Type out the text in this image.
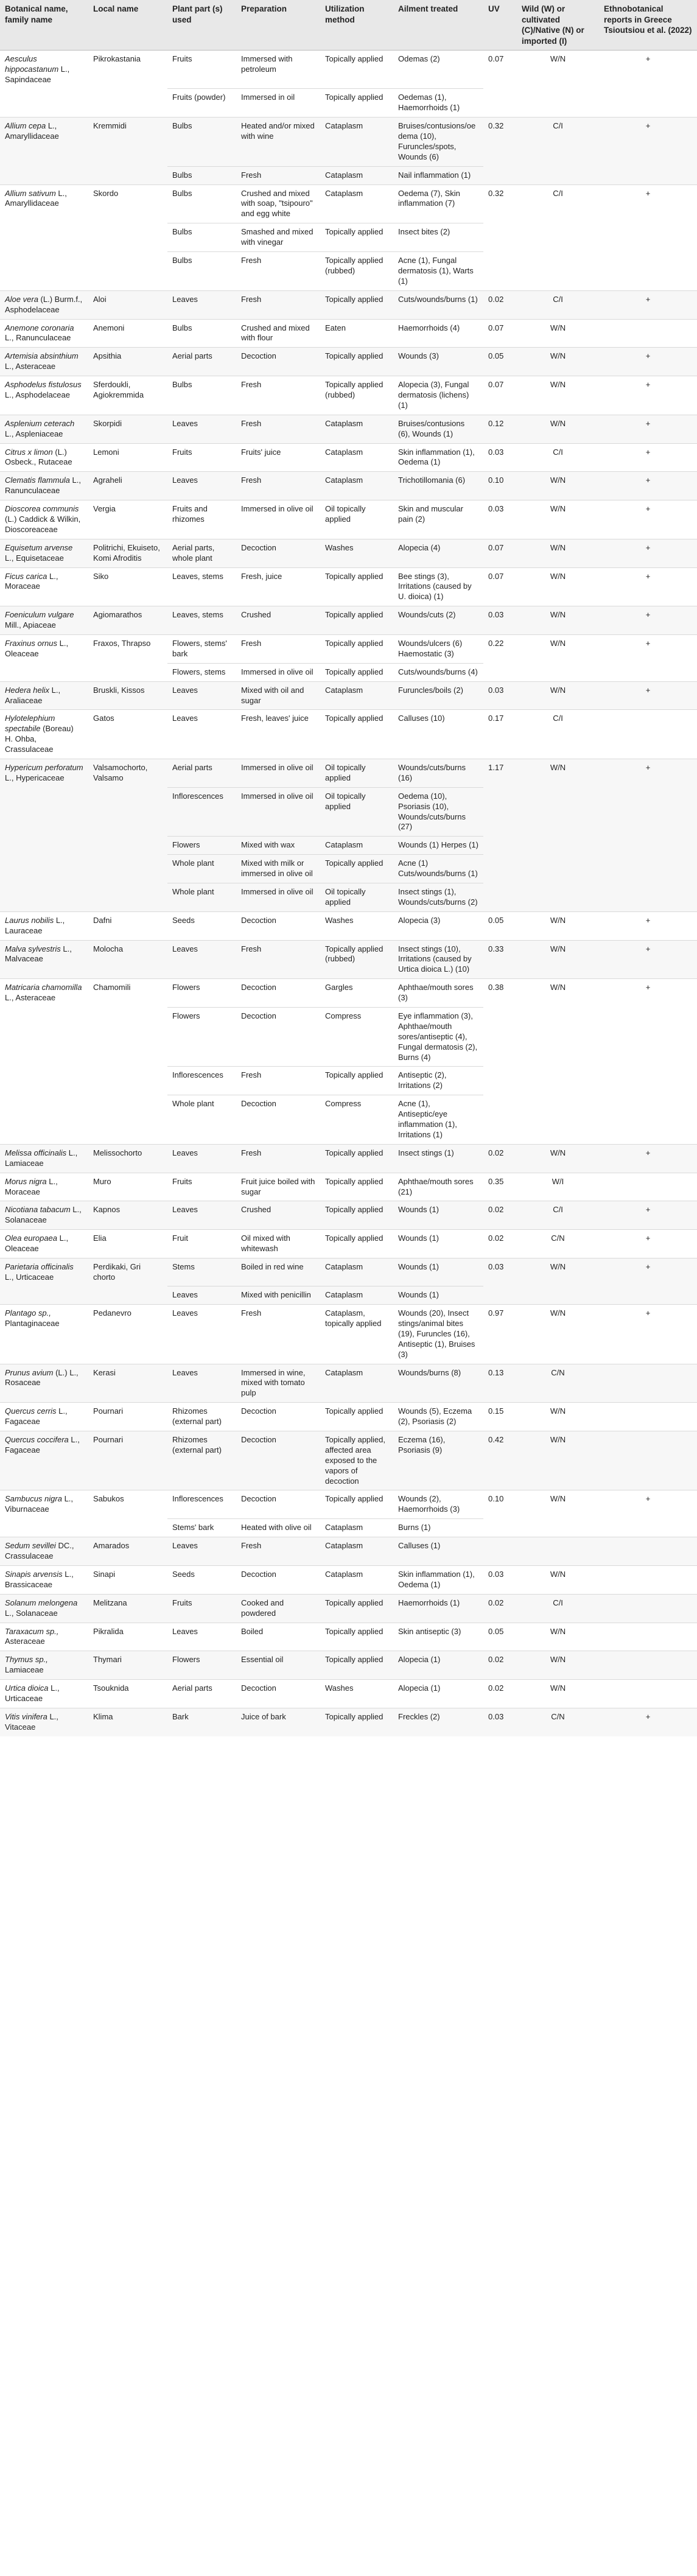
Botanical name, family name	Local name	Plant part (s) used	Preparation	Utilization method	Ailment treated	UV	Wild (W) or cultivated (C)/Native (N) or imported (I)	Ethnobotanical reports in Greece Tsioutsiou et al. (2022)
Aesculus hippocastanum L., Sapindaceae	Pikrokastania	Fruits	Immersed with petroleum	Topically applied	Odemas (2)	0.07	W/N	+
		Fruits (powder)	Immersed in oil	Topically applied	Oedemas (1), Haemorrhoids (1)			
Allium cepa L., Amaryllidaceae	Kremmidi	Bulbs	Heated and/or mixed with wine	Cataplasm	Bruises/contusions/oedema (10), Furuncles/spots, Wounds (6)	0.32	C/I	+
		Bulbs	Fresh	Cataplasm	Nail inflammation (1)			
Allium sativum L., Amaryllidaceae	Skordo	Bulbs	Crushed and mixed with soap, "tsipouro" and egg white	Cataplasm	Oedema (7), Skin inflammation (7)	0.32	C/I	+
		Bulbs	Smashed and mixed with vinegar	Topically applied	Insect bites (2)			
		Bulbs	Fresh	Topically applied (rubbed)	Acne (1), Fungal dermatosis (1), Warts (1)			
Aloe vera (L.) Burm.f., Asphodelaceae	Aloi	Leaves	Fresh	Topically applied	Cuts/wounds/burns (1)	0.02	C/I	+
Anemone coronaria L., Ranunculaceae	Anemoni	Bulbs	Crushed and mixed with flour	Eaten	Haemorrhoids (4)	0.07	W/N	
Artemisia absinthium L., Asteraceae	Apsithia	Aerial parts	Decoction	Topically applied	Wounds (3)	0.05	W/N	+
Asphodelus fistulosus L., Asphodelaceae	Sferdoukli, Agiokremmida	Bulbs	Fresh	Topically applied (rubbed)	Alopecia (3), Fungal dermatosis (lichens) (1)	0.07	W/N	+
Asplenium ceterach L., Aspleniaceae	Skorpidi	Leaves	Fresh	Cataplasm	Bruises/contusions (6), Wounds (1)	0.12	W/N	+
Citrus x limon (L.) Osbeck., Rutaceae	Lemoni	Fruits	Fruits' juice	Cataplasm	Skin inflammation (1), Oedema (1)	0.03	C/I	+
Clematis flammula L., Ranunculaceae	Agraheli	Leaves	Fresh	Cataplasm	Trichotillomania (6)	0.10	W/N	+
Dioscorea communis (L.) Caddick & Wilkin, Dioscoreaceae	Vergia	Fruits and rhizomes	Immersed in olive oil	Oil topically applied	Skin and muscular pain (2)	0.03	W/N	+
Equisetum arvense L., Equisetaceae	Politrichi, Ekuiseto, Komi Afroditis	Aerial parts, whole plant	Decoction	Washes	Alopecia (4)	0.07	W/N	+
Ficus carica L., Moraceae	Siko	Leaves, stems	Fresh, juice	Topically applied	Bee stings (3), Irritations (caused by U. dioica) (1)	0.07	W/N	+
Foeniculum vulgare Mill., Apiaceae	Agiomarathos	Leaves, stems	Crushed	Topically applied	Wounds/cuts (2)	0.03	W/N	+
Fraxinus ornus L., Oleaceae	Fraxos, Thrapso	Flowers, stems' bark	Fresh	Topically applied	Wounds/ulcers (6) Haemostatic (3)	0.22	W/N	+
		Flowers, stems	Immersed in olive oil	Topically applied	Cuts/wounds/burns (4)			
Hedera helix L., Araliaceae	Bruskli, Kissos	Leaves	Mixed with oil and sugar	Cataplasm	Furuncles/boils (2)	0.03	W/N	+
Hylotelephium spectabile (Boreau) H. Ohba, Crassulaceae	Gatos	Leaves	Fresh, leaves' juice	Topically applied	Calluses (10)	0.17	C/I	
Hypericum perforatum L., Hypericaceae	Valsamochorto, Valsamo	Aerial parts	Immersed in olive oil	Oil topically applied	Wounds/cuts/burns (16)	1.17	W/N	+
		Inflorescences	Immersed in olive oil	Oil topically applied	Oedema (10), Psoriasis (10), Wounds/cuts/burns (27)			
		Flowers	Mixed with wax	Cataplasm	Wounds (1) Herpes (1)			
		Whole plant	Mixed with milk or immersed in olive oil	Topically applied	Acne (1) Cuts/wounds/burns (1)			
		Whole plant	Immersed in olive oil	Oil topically applied	Insect stings (1), Wounds/cuts/burns (2)			
Laurus nobilis L., Lauraceae	Dafni	Seeds	Decoction	Washes	Alopecia (3)	0.05	W/N	+
Malva sylvestris L., Malvaceae	Molocha	Leaves	Fresh	Topically applied (rubbed)	Insect stings (10), Irritations (caused by Urtica dioica L.) (10)	0.33	W/N	+
Matricaria chamomilla L., Asteraceae	Chamomili	Flowers	Decoction	Gargles	Aphthae/mouth sores (3)	0.38	W/N	+
		Flowers	Decoction	Compress	Eye inflammation (3), Aphthae/mouth sores/antiseptic (4), Fungal dermatosis (2), Burns (4)			
		Inflorescences	Fresh	Topically applied	Antiseptic (2), Irritations (2)			
		Whole plant	Decoction	Compress	Acne (1), Antiseptic/eye inflammation (1), Irritations (1)			
Melissa officinalis L., Lamiaceae	Melissochorto	Leaves	Fresh	Topically applied	Insect stings (1)	0.02	W/N	+
Morus nigra L., Moraceae	Muro	Fruits	Fruit juice boiled with sugar	Topically applied	Aphthae/mouth sores (21)	0.35	W/I	
Nicotiana tabacum L., Solanaceae	Kapnos	Leaves	Crushed	Topically applied	Wounds (1)	0.02	C/I	+
Olea europaea L., Oleaceae	Elia	Fruit	Oil mixed with whitewash	Topically applied	Wounds (1)	0.02	C/N	+
Parietaria officinalis L., Urticaceae	Perdikaki, Gri chorto	Stems	Boiled in red wine	Cataplasm	Wounds (1)	0.03	W/N	+
		Leaves	Mixed with penicillin	Cataplasm	Wounds (1)			
Plantago sp., Plantaginaceae	Pedanevro	Leaves	Fresh	Cataplasm, topically applied	Wounds (20), Insect stings/animal bites (19), Furuncles (16), Antiseptic (1), Bruises (3)	0.97	W/N	+
Prunus avium (L.) L., Rosaceae	Kerasi	Leaves	Immersed in wine, mixed with tomato pulp	Cataplasm	Wounds/burns (8)	0.13	C/N	
Quercus cerris L., Fagaceae	Pournari	Rhizomes (external part)	Decoction	Topically applied	Wounds (5), Eczema (2), Psoriasis (2)	0.15	W/N	
Quercus coccifera L., Fagaceae	Pournari	Rhizomes (external part)	Decoction	Topically applied, affected area exposed to the vapors of decoction	Eczema (16), Psoriasis (9)	0.42	W/N	
Sambucus nigra L., Viburnaceae	Sabukos	Inflorescences	Decoction	Topically applied	Wounds (2), Haemorrhoids (3)	0.10	W/N	+
		Stems' bark	Heated with olive oil	Cataplasm	Burns (1)			
Sedum sevillei DC., Crassulaceae	Amarados	Leaves	Fresh	Cataplasm	Calluses (1)			
Sinapis arvensis L., Brassicaceae	Sinapi	Seeds	Decoction	Cataplasm	Skin inflammation (1), Oedema (1)	0.03	W/N	
Solanum melongena L., Solanaceae	Melitzana	Fruits	Cooked and powdered	Topically applied	Haemorrhoids (1)	0.02	C/I	
Taraxacum sp., Asteraceae	Pikralida	Leaves	Boiled	Topically applied	Skin antiseptic (3)	0.05	W/N	
Thymus sp., Lamiaceae	Thymari	Flowers	Essential oil	Topically applied	Alopecia (1)	0.02	W/N	
Urtica dioica L., Urticaceae	Tsouknida	Aerial parts	Decoction	Washes	Alopecia (1)	0.02	W/N	
Vitis vinifera L., Vitaceae	Klima	Bark	Juice of bark	Topically applied	Freckles (2)	0.03	C/N	+
